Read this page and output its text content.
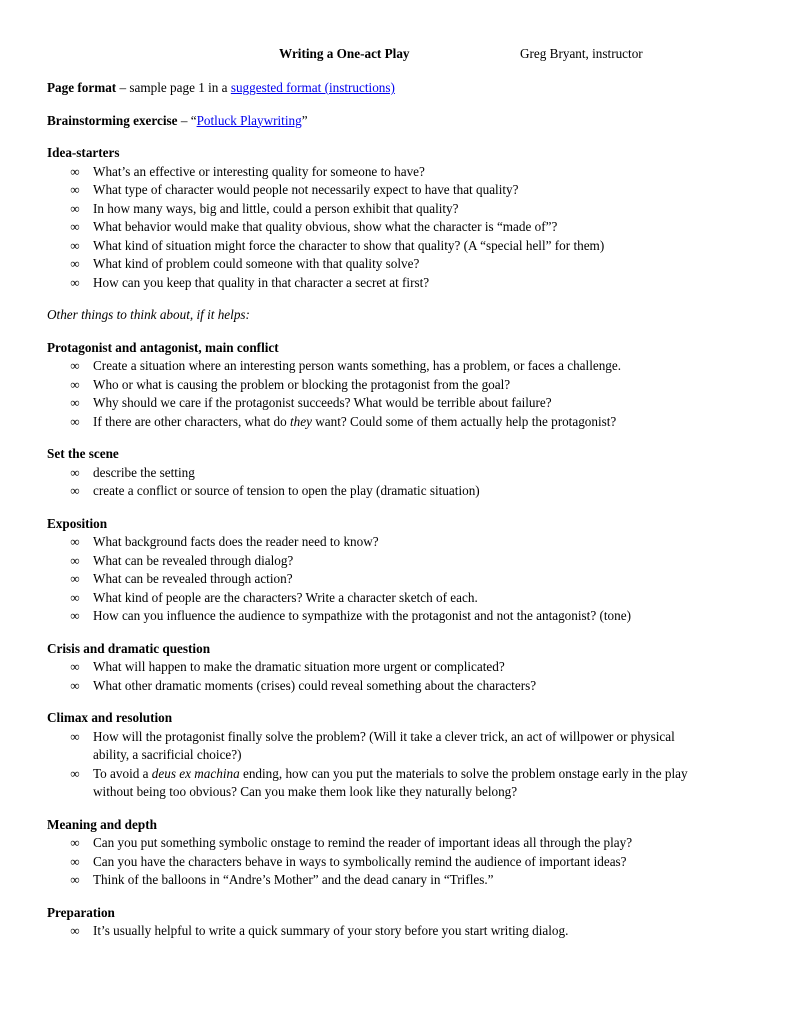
Writing a One-act Play	Greg Bryant, instructor

Page format – sample page 1 in a suggested format (instructions)

Brainstorming exercise – “Potluck Playwriting”

Idea-starters

∞ What’s an effective or interesting quality for someone to have?
∞ What type of character would people not necessarily expect to have that quality?
∞ In how many ways, big and little, could a person exhibit that quality?
∞ What behavior would make that quality obvious, show what the character is “made of”?
∞ What kind of situation might force the character to show that quality? (A “special hell” for them)
∞ What kind of problem could someone with that quality solve?
∞ How can you keep that quality in that character a secret at first?

Other things to think about, if it helps:

Protagonist and antagonist, main conflict

∞ Create a situation where an interesting person wants something, has a problem, or faces a challenge.
∞ Who or what is causing the problem or blocking the protagonist from the goal?
∞ Why should we care if the protagonist succeeds? What would be terrible about failure?
∞ If there are other characters, what do they want? Could some of them actually help the protagonist?

Set the scene

∞ describe the setting
∞ create a conflict or source of tension to open the play (dramatic situation)

Exposition

∞ What background facts does the reader need to know?
∞ What can be revealed through dialog?
∞ What can be revealed through action?
∞ What kind of people are the characters? Write a character sketch of each.
∞ How can you influence the audience to sympathize with the protagonist and not the antagonist? (tone)

Crisis and dramatic question

∞ What will happen to make the dramatic situation more urgent or complicated?
∞ What other dramatic moments (crises) could reveal something about the characters?

Climax and resolution

∞ How will the protagonist finally solve the problem? (Will it take a clever trick, an act of willpower or physical
ability, a sacrificial choice?)
∞ To avoid a deus ex machina ending, how can you put the materials to solve the problem onstage early in the play
without being too obvious? Can you make them look like they naturally belong?

Meaning and depth

∞ Can you put something symbolic onstage to remind the reader of important ideas all through the play?
∞ Can you have the characters behave in ways to symbolically remind the audience of important ideas?
∞ Think of the balloons in “Andre’s Mother” and the dead canary in “Trifles.”

Preparation

∞ It’s usually helpful to write a quick summary of your story before you start writing dialog.
